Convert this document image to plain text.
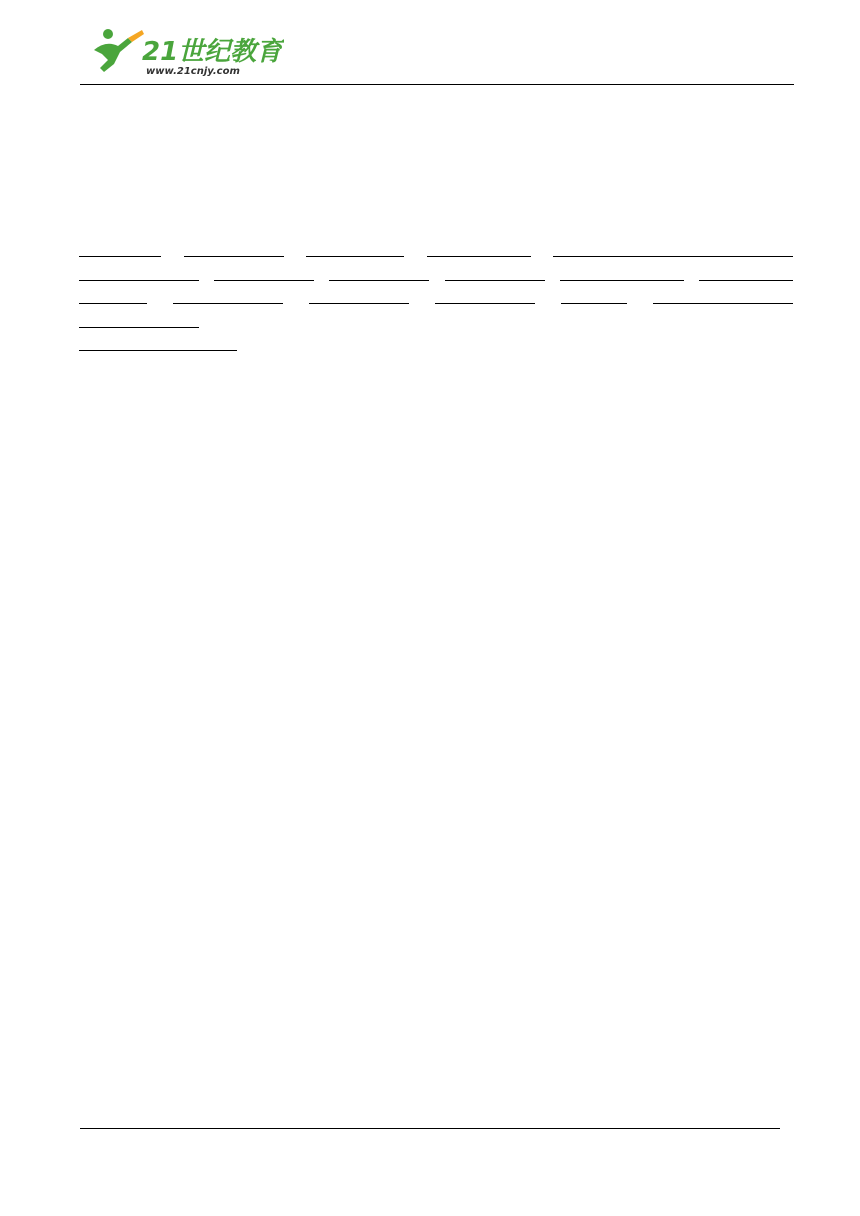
21世纪教育
www.21cnjy.com
